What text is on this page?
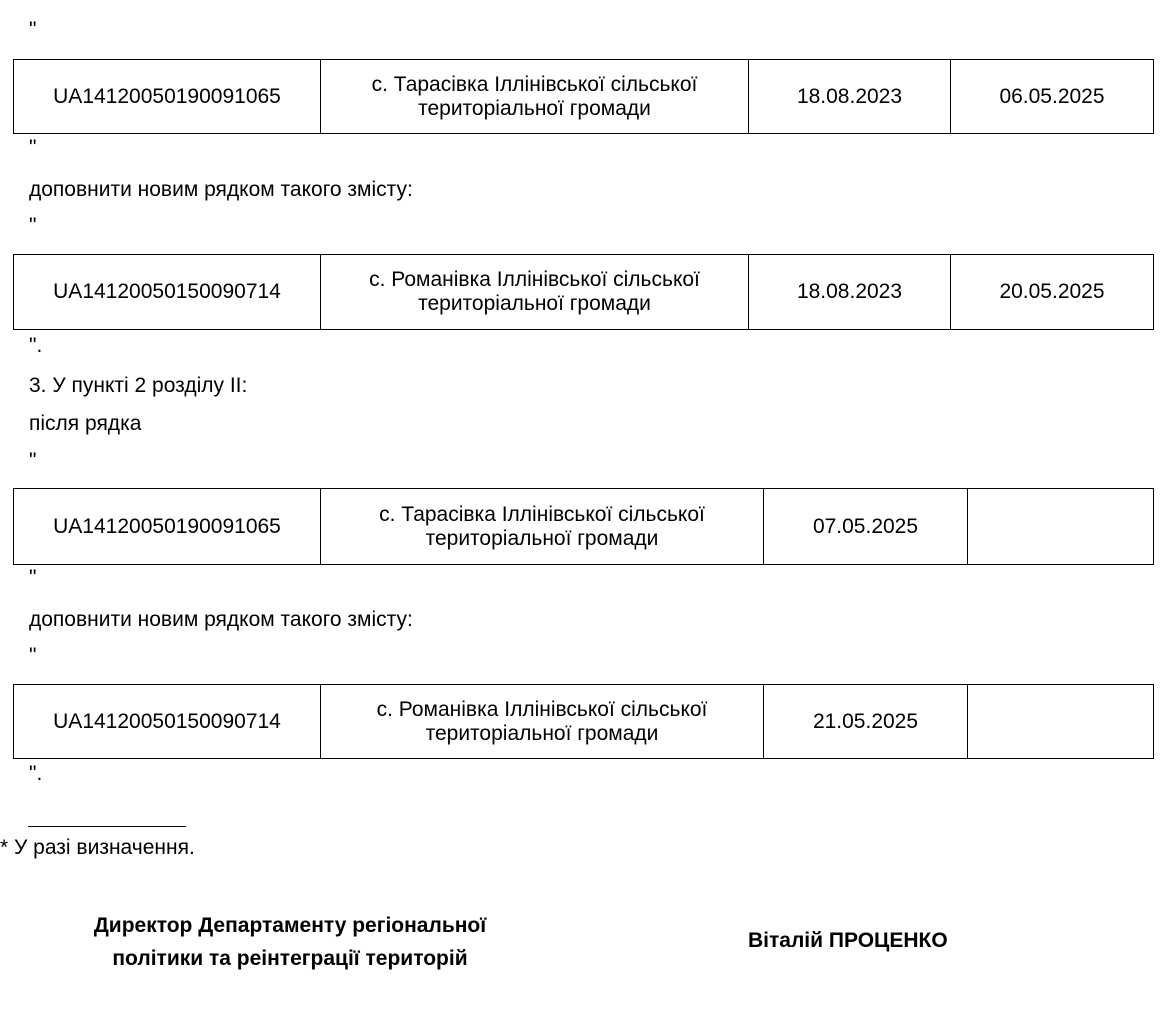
"
UA14120050190091065	с. Тарасівка Іллінівської сільської територіальної громади	18.08.2023	06.05.2025
"
доповнити новим рядком такого змісту:
"
UA14120050150090714	с. Романівка Іллінівської сільської територіальної громади	18.08.2023	20.05.2025
".
3. У пункті 2 розділу ІІ:
після рядка
"
UA14120050190091065	с. Тарасівка Іллінівської сільської територіальної громади	07.05.2025	
"
доповнити новим рядком такого змісту:
"
UA14120050150090714	с. Романівка Іллінівської сільської територіальної громади	21.05.2025	
".
* У разі визначення.
Директор Департаменту регіональної
політики та реінтеграції територій
Віталій ПРОЦЕНКО
